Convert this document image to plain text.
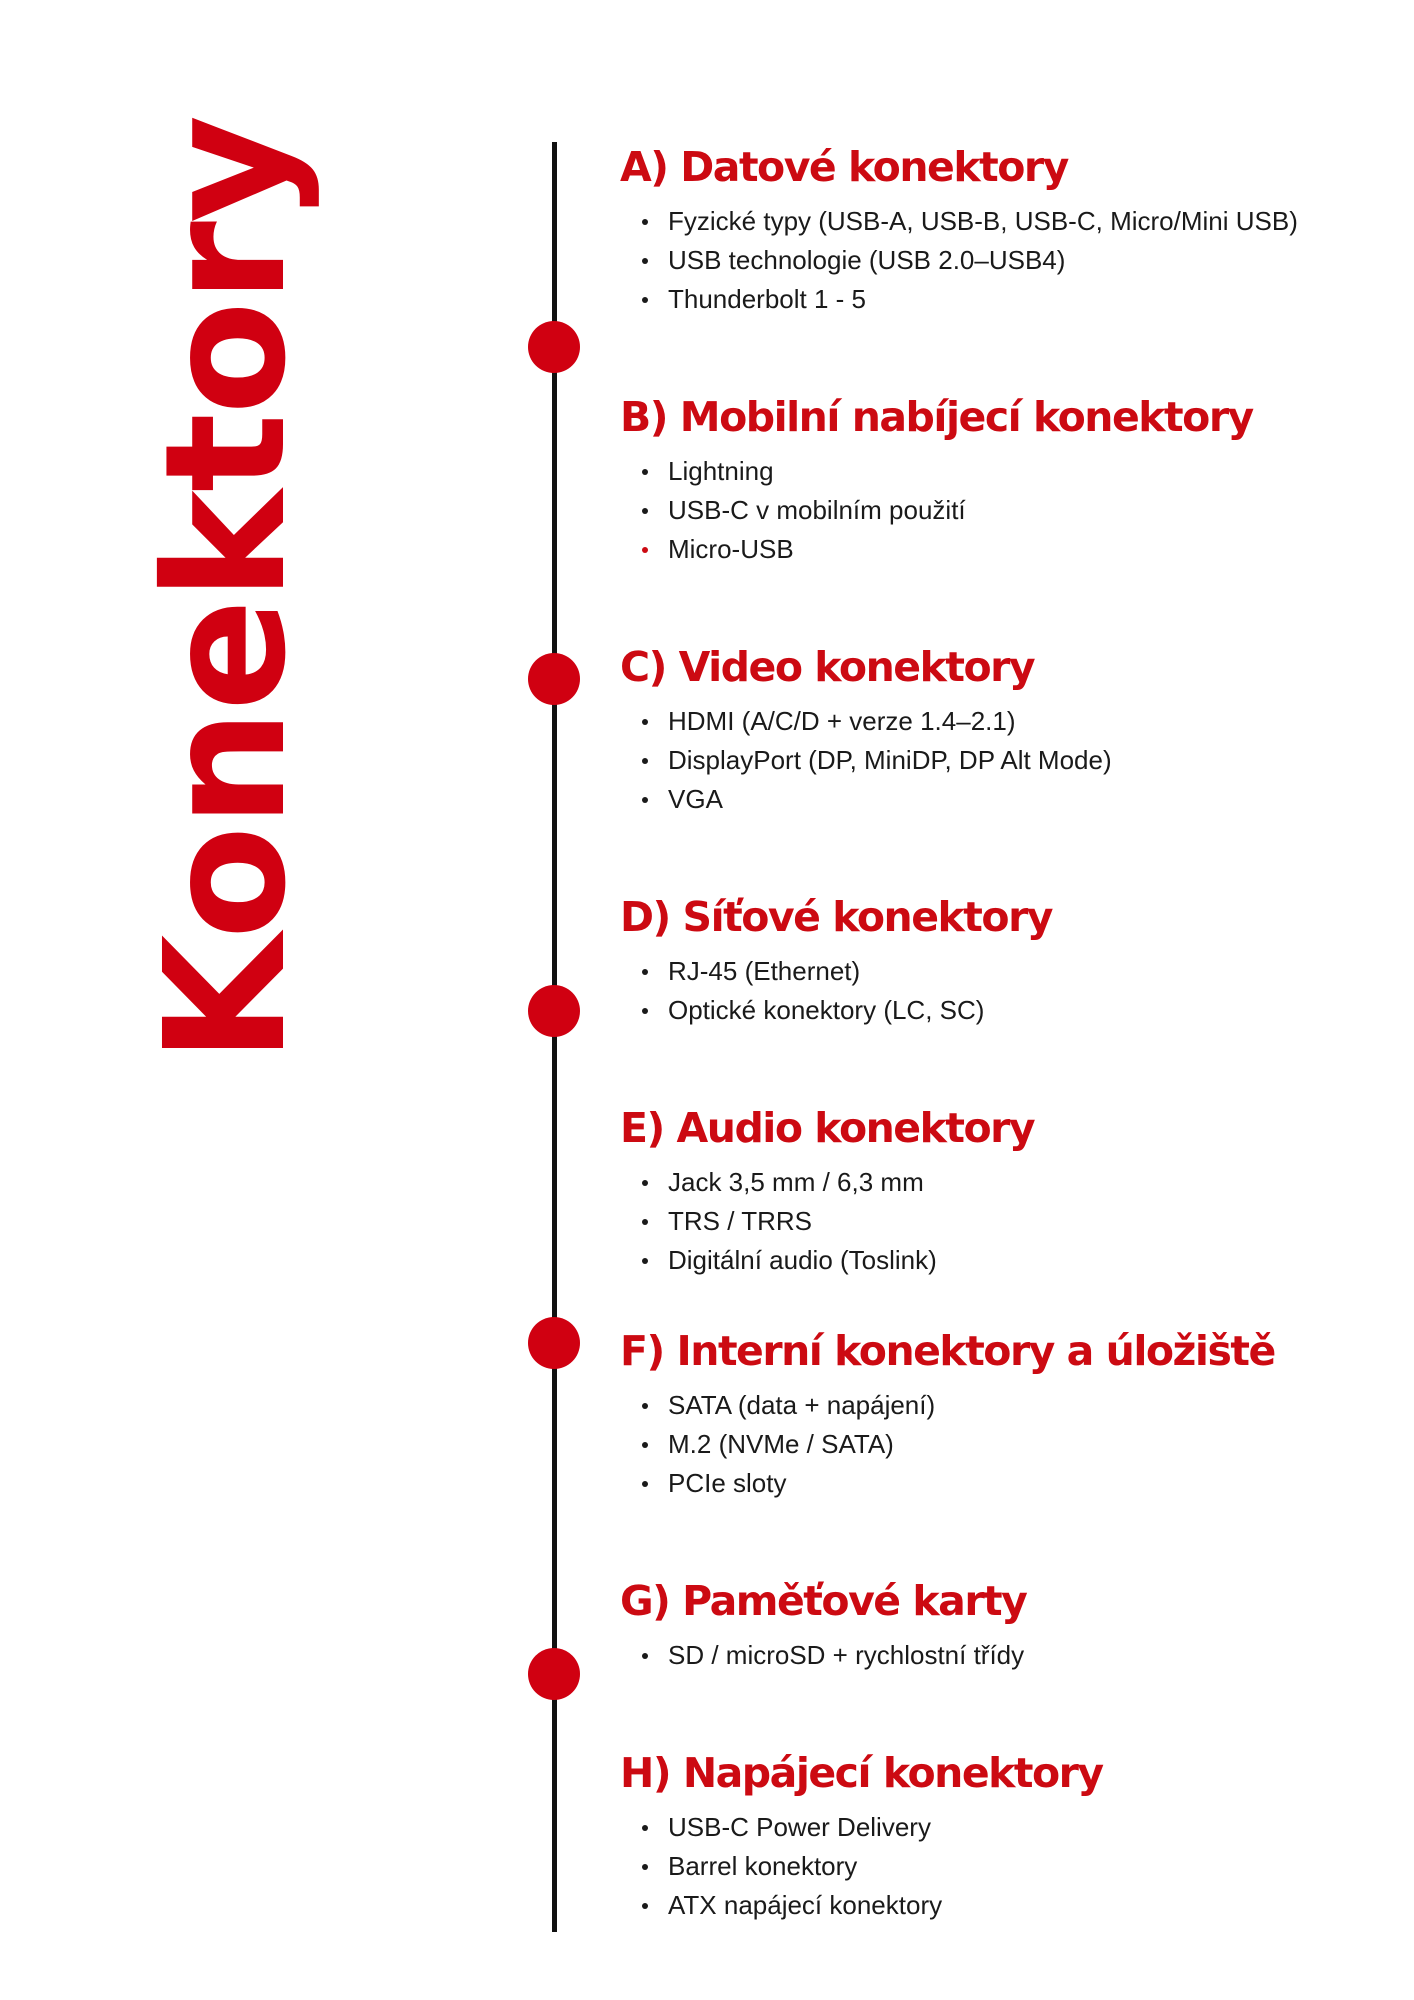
Konektory	A) Datové konektory
Fyzické typy (USB-A, USB-B, USB-C, Micro/Mini USB)
USB technologie (USB 2.0–USB4)
Thunderbolt 1 - 5
B) Mobilní nabíjecí konektory
Lightning
USB-C v mobilním použití
Micro-USB
C) Video konektory
HDMI (A/C/D + verze 1.4–2.1)
DisplayPort (DP, MiniDP, DP Alt Mode)
VGA
D) Síťové konektory
RJ-45 (Ethernet)
Optické konektory (LC, SC)
E) Audio konektory
Jack 3,5 mm / 6,3 mm
TRS / TRRS
Digitální audio (Toslink)
F) Interní konektory a úložiště
SATA (data + napájení)
M.2 (NVMe / SATA)
PCIe sloty
G) Paměťové karty
SD / microSD + rychlostní třídy
H) Napájecí konektory
USB-C Power Delivery
Barrel konektory
ATX napájecí konektory
